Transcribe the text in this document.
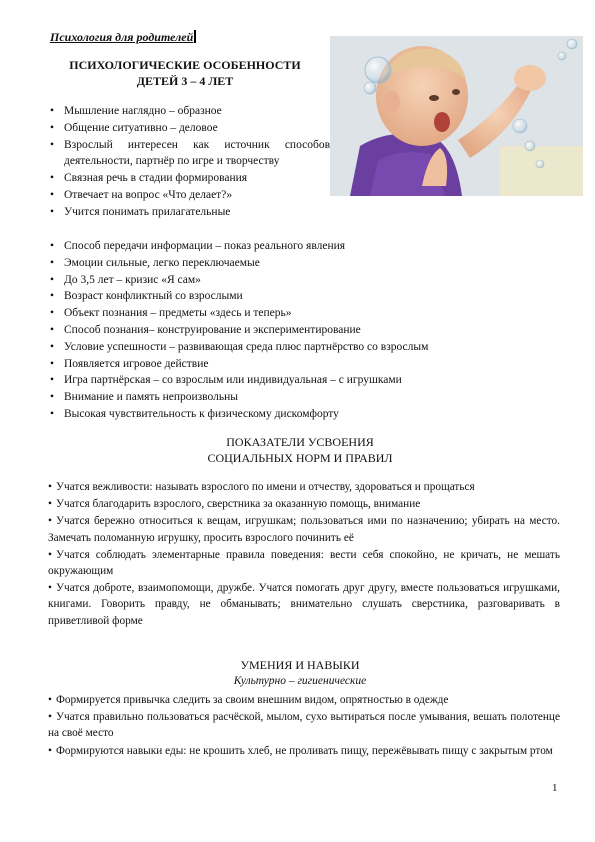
Психология для родителей
ПСИХОЛОГИЧЕСКИЕ ОСОБЕННОСТИ
ДЕТЕЙ 3 – 4 ЛЕТ
• Мышление наглядно – образное
• Общение ситуативно – деловое
• Взрослый интересен как источник способов деятельности, партнёр по игре и творчеству
• Связная речь в стадии формирования
• Отвечает на вопрос «Что делает?»
• Учится понимать прилагательные
• Способ передачи информации – показ реального явления
• Эмоции сильные, легко переключаемые
• До 3,5 лет – кризис «Я сам»
• Возраст конфликтный со взрослыми
• Объект познания – предметы «здесь и теперь»
• Способ познания– конструирование и экспериментирование
• Условие успешности – развивающая среда плюс партнёрство со взрослым
• Появляется игровое действие
• Игра партнёрская – со взрослым или индивидуальная – с игрушками
• Внимание и память непроизвольны
• Высокая чувствительность к физическому дискомфорту
ПОКАЗАТЕЛИ УСВОЕНИЯ
СОЦИАЛЬНЫХ НОРМ И ПРАВИЛ
• Учатся вежливости: называть взрослого по имени и отчеству, здороваться и прощаться
• Учатся благодарить взрослого, сверстника за оказанную помощь, внимание
• Учатся бережно относиться к вещам, игрушкам; пользоваться ими по назначению; убирать на место. Замечать поломанную игрушку, просить взрослого починить её
• Учатся соблюдать элементарные правила поведения: вести себя спокойно, не кричать, не мешать окружающим
• Учатся доброте, взаимопомощи, дружбе. Учатся помогать друг другу, вместе пользоваться игрушками, книгами. Говорить правду, не обманывать; внимательно слушать сверстника, разговаривать в приветливой форме
УМЕНИЯ И НАВЫКИ
Культурно – гигиенические
• Формируется привычка следить за своим внешним видом, опрятностью в одежде
• Учатся правильно пользоваться расчёской, мылом, сухо вытираться после умывания, вешать полотенце на своё место
• Формируются навыки еды: не крошить хлеб, не проливать пищу, пережёвывать пищу с закрытым ртом
1
